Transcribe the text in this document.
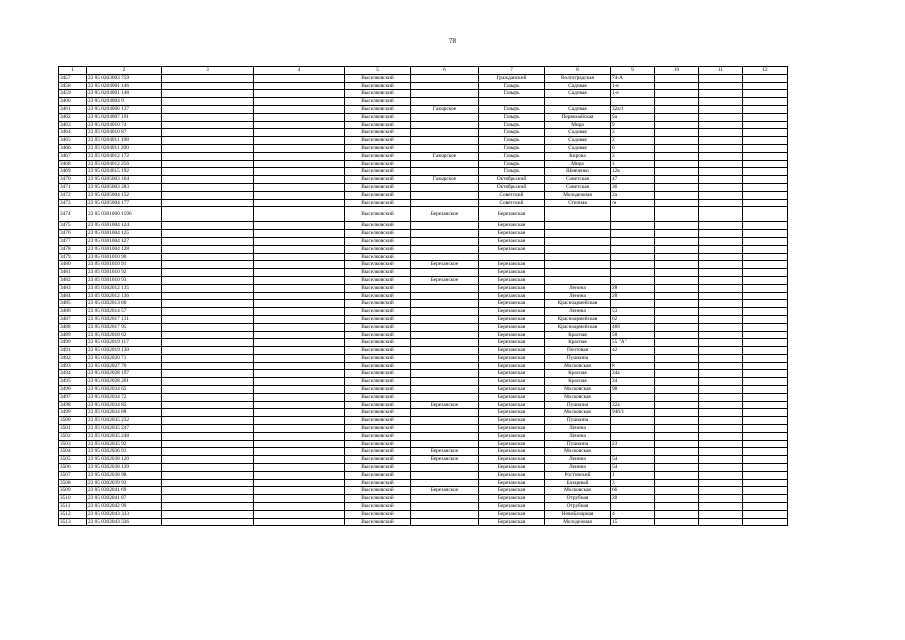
78
1	2	3	4	5	6	7	8	9	10	11	12
3457	23 05 0203003 759			Выселковский		Гражданский	Волгоградская	74-А			
3458	23 05 0204001 146			Выселковский		Газырь	Садовая	1-е			
3459	23 05 0204001 148			Выселковский		Газырь	Садовая	1-е			
3460	23 05 0204004 9			Выселковский							
3461	23 05 0204006 137			Выселковский	Газырское	Газырь	Садовая	32а/1			
3462	23 05 0204007 191			Выселковский		Газырь	Первомайская	5а			
3463	23 05 0204010 74			Выселковский		Газырь	Мира	9			
3464	23 05 0204010 87			Выселковский		Газырь	Садовая	3			
3465	23 05 0204011 198			Выселковский		Газырь	Садовая	2			
3466	23 05 0204011 200			Выселковский		Газырь	Садовая	6			
3467	23 05 0204012 172			Выселковский	Газырское	Газырь	Кирова	3			
3468	23 05 0204012 256			Выселковский		Газырь	Мира	1			
3469	23 05 0204015 192			Выселковский		Газырь	Шевченко	12в			
3470	23 05 0205003 164			Выселковский	Газырское	Октябрьский	Советская	47			
3471	23 05 0205003 283			Выселковский		Октябрьский	Советская	36			
3472	23 05 0205004 152			Выселковский		Советский	Молодежная	2а			
3473	23 05 0205004 177			Выселковский		Советский	Степная	/н			
3474	23 05 0301000 1596			Выселковский	Березанское	Березанская					
3475	23 05 0301004 124			Выселковский		Березанская					
3476	23 05 0301004 125			Выселковский		Березанская					
3477	23 05 0301004 127			Выселковский		Березанская					
3478	23 05 0301004 128			Выселковский		Березанская					
3479	23 05 0301010 90			Выселковский							
3480	23 05 0301010 91			Выселковский	Березанское	Березанская					
3481	23 05 0301010 92			Выселковский		Березанская					
3482	23 05 0301010 93			Выселковский	Березанское	Березанская					
3483	23 05 0302012 135			Выселковский		Березанская	Ленина	28			
3484	23 05 0302012 136			Выселковский		Березанская	Ленина	28			
3485	23 05 0302013 80			Выселковский		Березанская	Красноармейская				
3486	23 05 0302014 57			Выселковский		Березанская	Ленина	53			
3487	23 05 0302017 131			Выселковский		Березанская	Красноармейская	62			
3488	23 05 0302017 95			Выселковский		Березанская	Красноармейская	46б			
3489	23 05 0302018 62			Выселковский		Березанская	Красная	58			
3490	23 05 0302019 117			Выселковский		Березанская	Красная	55 "А"			
3491	23 05 0302019 130			Выселковский		Березанская	Почтовая	42			
3492	23 05 0302020 71			Выселковский		Березанская	Пушкина				
3493	23 05 0302027 70			Выселковский		Березанская	Московская	8			
3494	23 05 0302028 197			Выселковский		Березанская	Красная	34а			
3495	23 05 0302028 201			Выселковский		Березанская	Красная	34			
3496	23 05 0302034 65			Выселковский		Березанская	Московская	98			
3497	23 05 0302034 72			Выселковский		Березанская	Московская				
3498	23 05 0302034 85			Выселковский	Березанское	Березанская	Пушкина	22а			
3499	23 05 0302034 88			Выселковский		Березанская	Московская	94б/1			
3500	23 05 0302035 232			Выселковский		Березанская	Пушкина				
3501	23 05 0302035 247			Выселковский		Березанская	Ленина				
3502	23 05 0302035 248			Выселковский		Березанская	Ленина				
3503	23 05 0302035 92			Выселковский		Березанская	Пушкина	23			
3504	23 05 0302036 91			Выселковский	Березанское	Березанская	Московская				
3505	23 05 0302038 120			Выселковский	Березанское	Березанская	Ленина	54			
3506	23 05 0302038 139			Выселковский		Березанская	Ленина	54			
3507	23 05 0302038 98			Выселковский		Березанская	Ростовский	1			
3508	23 05 0302039 93			Выселковский		Березанская	Базарный	3			
3509	23 05 0302041 69			Выселковский	Березанское	Березанская	Московская	66			
3510	23 05 0302041 87			Выселковский		Березанская	Отрубная	20			
3511	23 05 0302042 99			Выселковский		Березанская	Отрубная				
3512	23 05 0302043 333			Выселковский		Березанская	НовоБазарная	4			
3513	23 05 0302043 336			Выселковский		Березанская	Молодежная	15			
